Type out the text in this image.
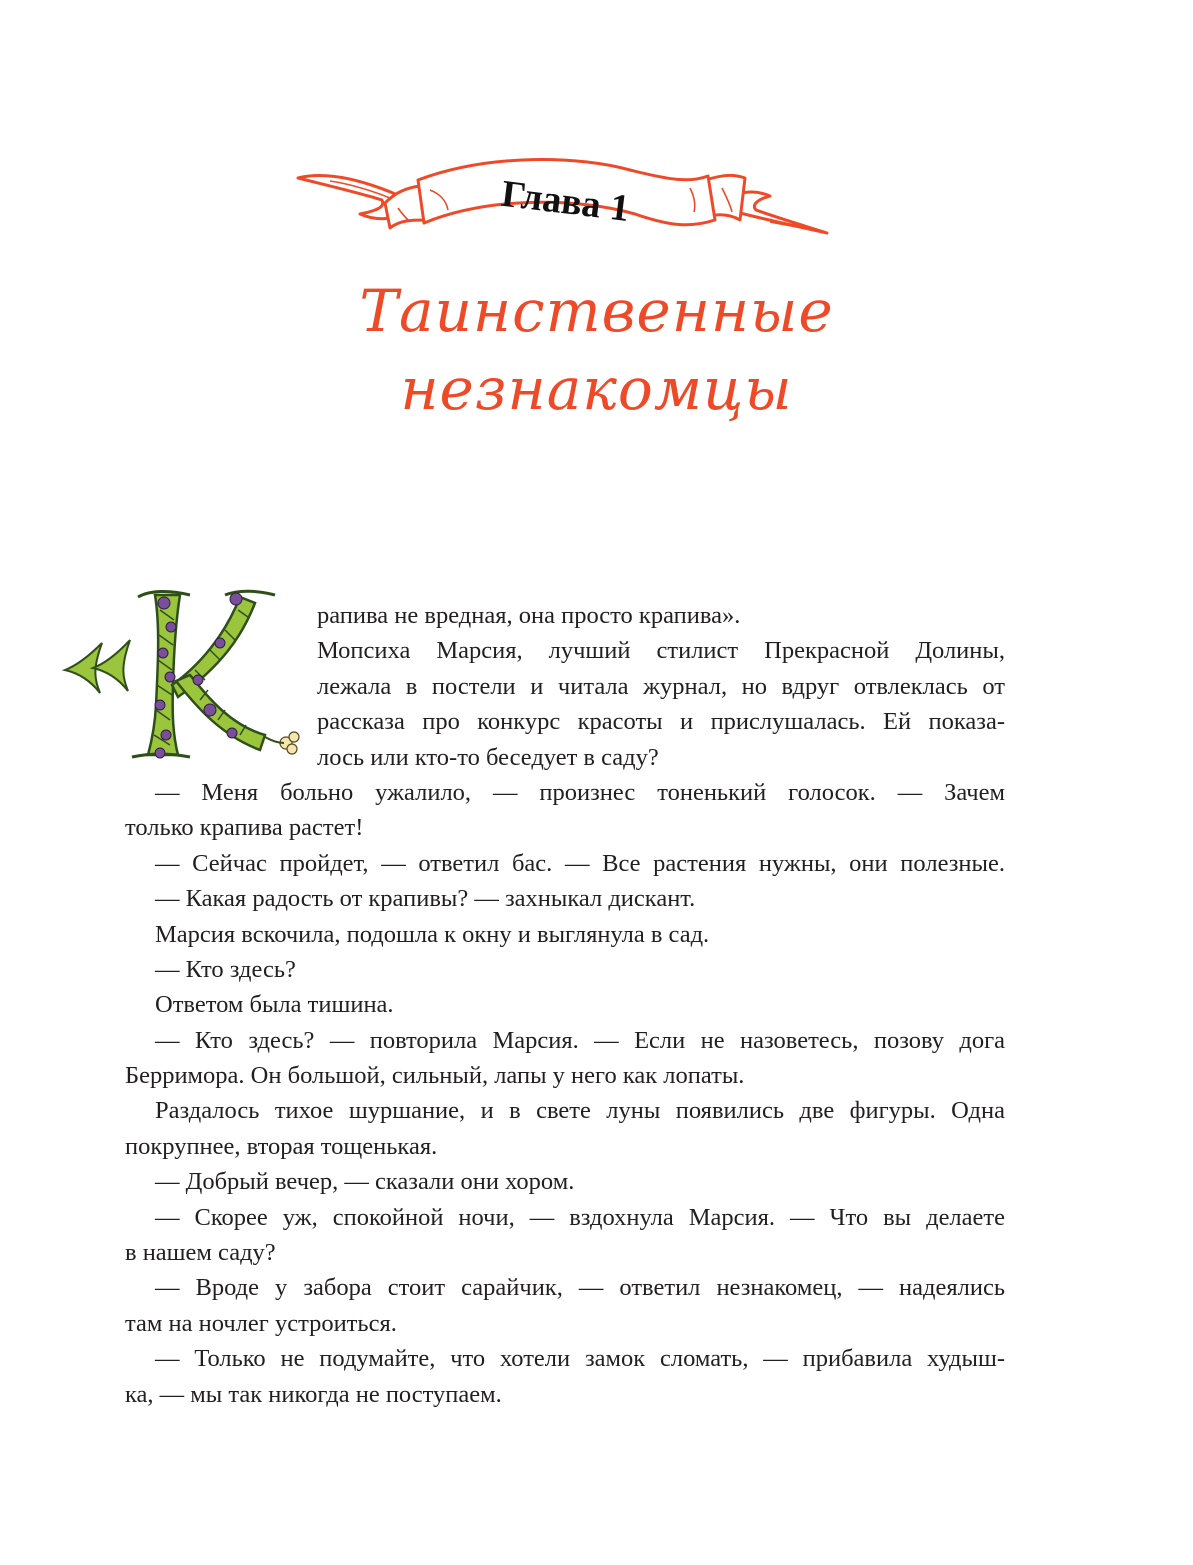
Глава 1
Таинственные
незнакомцы
рапива не вредная, она просто крапива».
Мопсиха Марсия, лучший стилист Прекрасной Долины,
лежала в постели и читала журнал, но вдруг отвлеклась от
рассказа про конкурс красоты и прислушалась. Ей показа-
лось или кто-то беседует в саду?
— Меня больно ужалило, — произнес тоненький голосок. — Зачем
только крапива растет!
— Сейчас пройдет, — ответил бас. — Все растения нужны, они полезные.
— Какая радость от крапивы? — захныкал дискант.
Марсия вскочила, подошла к окну и выглянула в сад.
— Кто здесь?
Ответом была тишина.
— Кто здесь? — повторила Марсия. — Если не назоветесь, позову дога
Берримора. Он большой, сильный, лапы у него как лопаты.
Раздалось тихое шуршание, и в свете луны появились две фигуры. Одна
покрупнее, вторая тощенькая.
— Добрый вечер, — сказали они хором.
— Скорее уж, спокойной ночи, — вздохнула Марсия. — Что вы делаете
в нашем саду?
— Вроде у забора стоит сарайчик, — ответил незнакомец, — надеялись
там на ночлег устроиться.
— Только не подумайте, что хотели замок сломать, — прибавила худыш-
ка, — мы так никогда не поступаем.
